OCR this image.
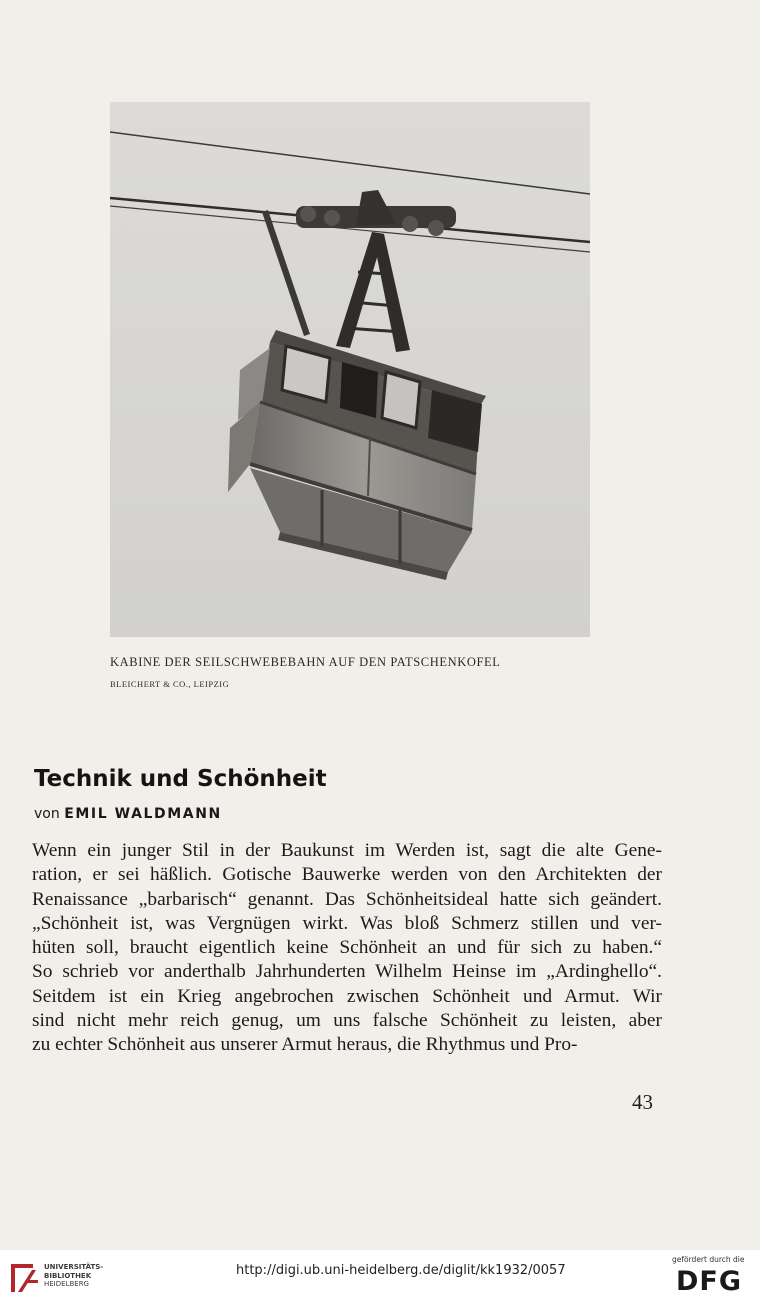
KABINE DER SEILSCHWEBEBAHN AUF DEN PATSCHENKOFEL
BLEICHERT & CO., LEIPZIG
Technik und Schönheit
von EMIL WALDMANN
Wenn ein junger Stil in der Baukunst im Werden ist, sagt die alte Gene-
ration, er sei häßlich. Gotische Bauwerke werden von den Architekten der
Renaissance „barbarisch“ genannt. Das Schönheitsideal hatte sich geändert.
„Schönheit ist, was Vergnügen wirkt. Was bloß Schmerz stillen und ver-
hüten soll, braucht eigentlich keine Schönheit an und für sich zu haben.“
So schrieb vor anderthalb Jahrhunderten Wilhelm Heinse im „Ardinghello“.
Seitdem ist ein Krieg angebrochen zwischen Schönheit und Armut. Wir
sind nicht mehr reich genug, um uns falsche Schönheit zu leisten, aber
zu echter Schönheit aus unserer Armut heraus, die Rhythmus und Pro-
43
UNIVERSITÄTS-
BIBLIOTHEK
HEIDELBERG
http://digi.ub.uni-heidelberg.de/diglit/kk1932/0057
gefördert durch die
DFG
